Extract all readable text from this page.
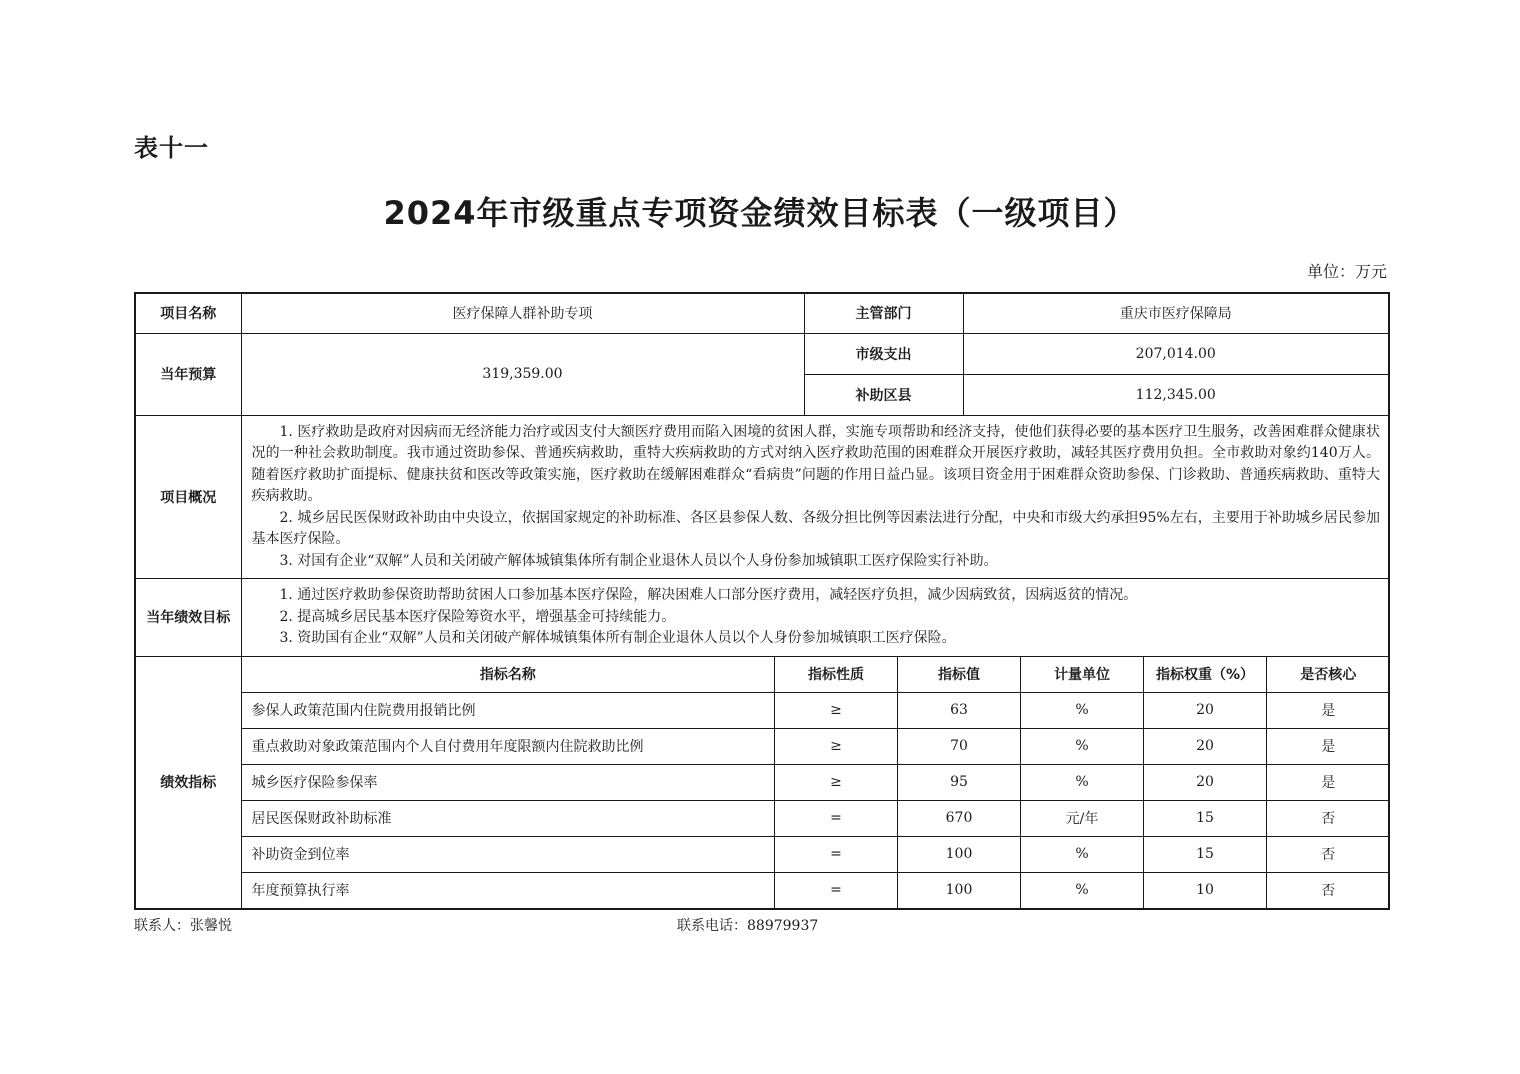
表十一
2024年市级重点专项资金绩效目标表（一级项目）
单位：万元
项目名称	医疗保障人群补助专项	主管部门	重庆市医疗保障局
当年预算	319,359.00	市级支出	207,014.00
补助区县	112,345.00
项目概况	

1. 医疗救助是政府对因病而无经济能力治疗或因支付大额医疗费用而陷入困境的贫困人群，实施专项帮助和经济支持，使他们获得必要的基本医疗卫生服务，改善困难群众健康状况的一种社会救助制度。我市通过资助参保、普通疾病救助，重特大疾病救助的方式对纳入医疗救助范围的困难群众开展医疗救助，减轻其医疗费用负担。全市救助对象约140万人。随着医疗救助扩面提标、健康扶贫和医改等政策实施，医疗救助在缓解困难群众“看病贵”问题的作用日益凸显。该项目资金用于困难群众资助参保、门诊救助、普通疾病救助、重特大疾病救助。

2. 城乡居民医保财政补助由中央设立，依据国家规定的补助标准、各区县参保人数、各级分担比例等因素法进行分配，中央和市级大约承担95%左右，主要用于补助城乡居民参加基本医疗保险。

3. 对国有企业“双解”人员和关闭破产解体城镇集体所有制企业退休人员以个人身份参加城镇职工医疗保险实行补助。

当年绩效目标	

1. 通过医疗救助参保资助帮助贫困人口参加基本医疗保险，解决困难人口部分医疗费用，减轻医疗负担，减少因病致贫，因病返贫的情况。

2. 提高城乡居民基本医疗保险筹资水平，增强基金可持续能力。

3. 资助国有企业“双解”人员和关闭破产解体城镇集体所有制企业退休人员以个人身份参加城镇职工医疗保险。

绩效指标	
指标名称	指标性质	指标值	计量单位	指标权重（%）	是否核心
参保人政策范围内住院费用报销比例	≥	63	%	20	是
重点救助对象政策范围内个人自付费用年度限额内住院救助比例	≥	70	%	20	是
城乡医疗保险参保率	≥	95	%	20	是
居民医保财政补助标准	=	670	元/年	15	否
补助资金到位率	=	100	%	15	否
年度预算执行率	=	100	%	10	否
联系人：张馨悦	联系电话：88979937
